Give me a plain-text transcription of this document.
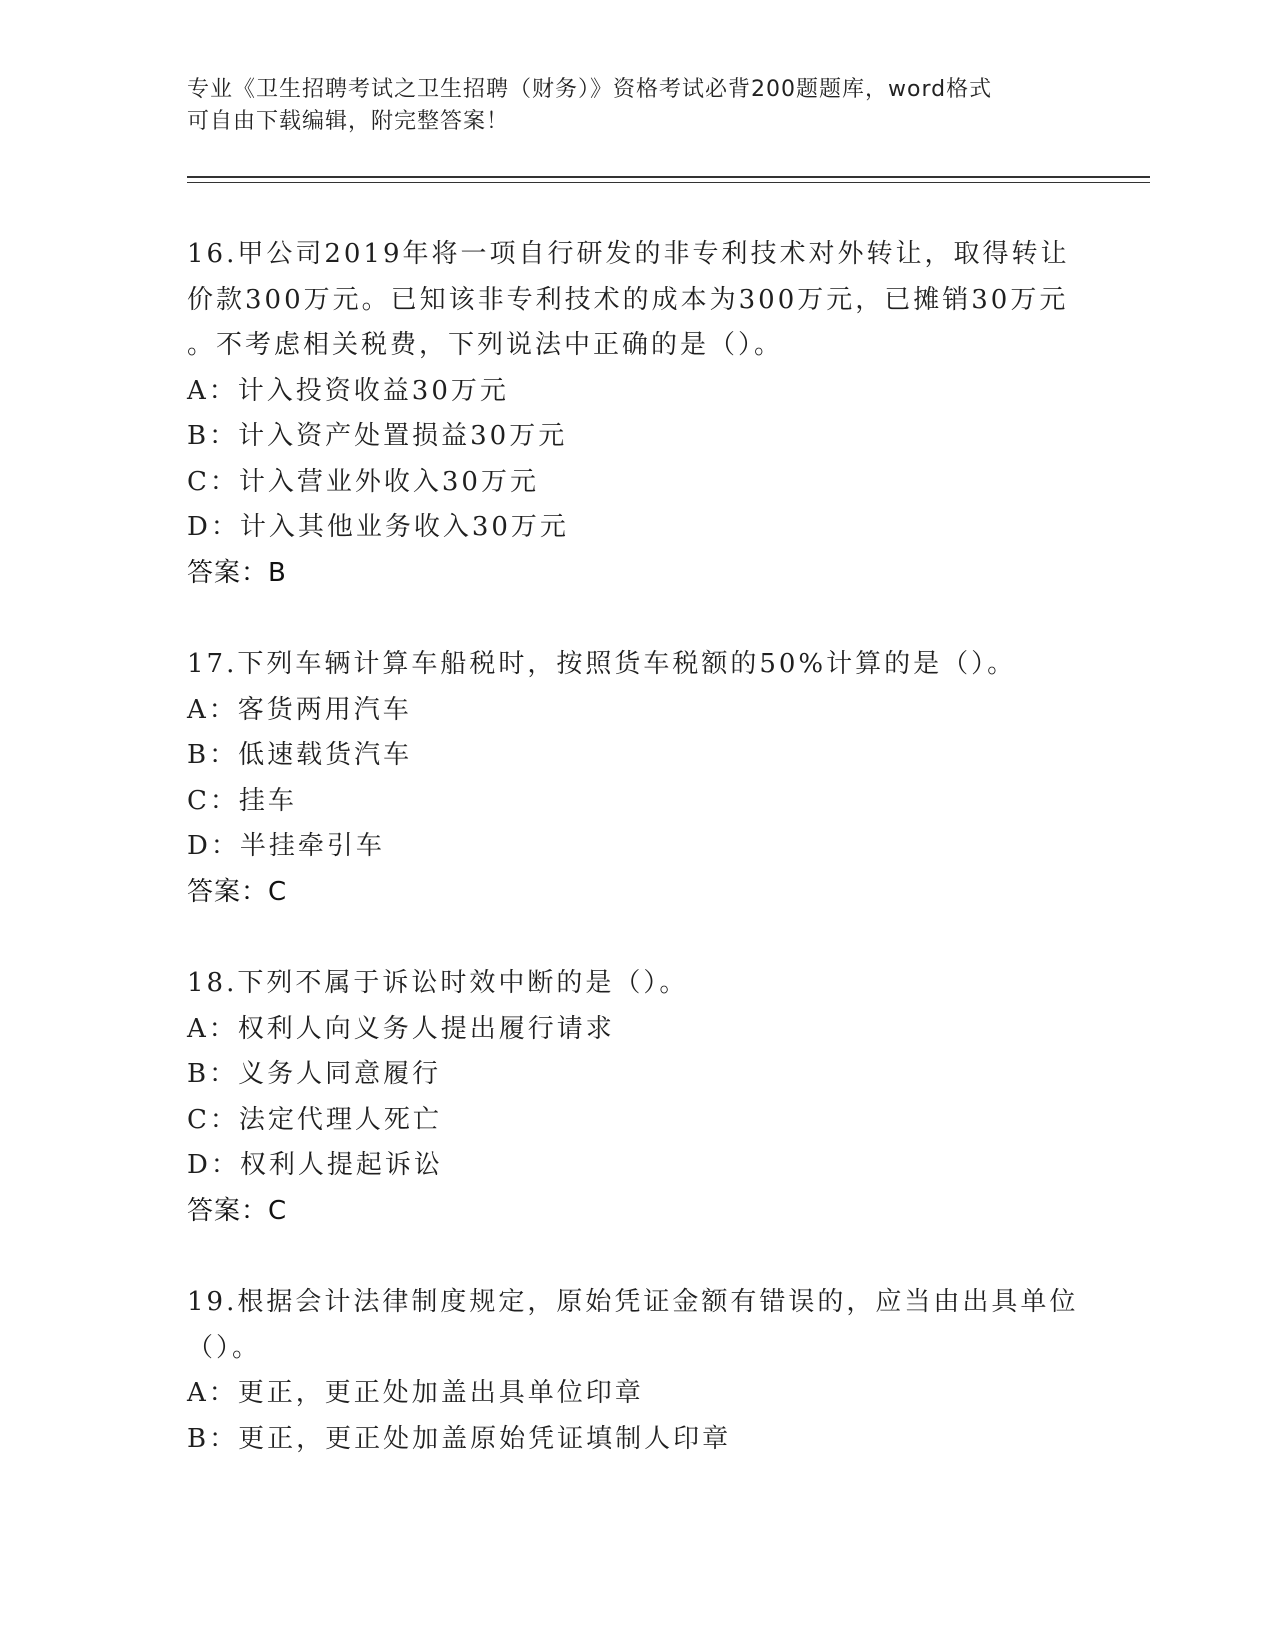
专业《卫生招聘考试之卫生招聘（财务）》资格考试必背200题题库，word格式
可自由下载编辑，附完整答案！
16.甲公司2019年将一项自行研发的非专利技术对外转让，取得转让
价款300万元。已知该非专利技术的成本为300万元，已摊销30万元
。不考虑相关税费，下列说法中正确的是（）。
A：计入投资收益30万元
B：计入资产处置损益30万元
C：计入营业外收入30万元
D：计入其他业务收入30万元
答案：B
17.下列车辆计算车船税时，按照货车税额的50%计算的是（）。
A：客货两用汽车
B：低速载货汽车
C：挂车
D：半挂牵引车
答案：C
18.下列不属于诉讼时效中断的是（）。
A：权利人向义务人提出履行请求
B：义务人同意履行
C：法定代理人死亡
D：权利人提起诉讼
答案：C
19.根据会计法律制度规定，原始凭证金额有错误的，应当由出具单位
（）。
A：更正，更正处加盖出具单位印章
B：更正，更正处加盖原始凭证填制人印章
